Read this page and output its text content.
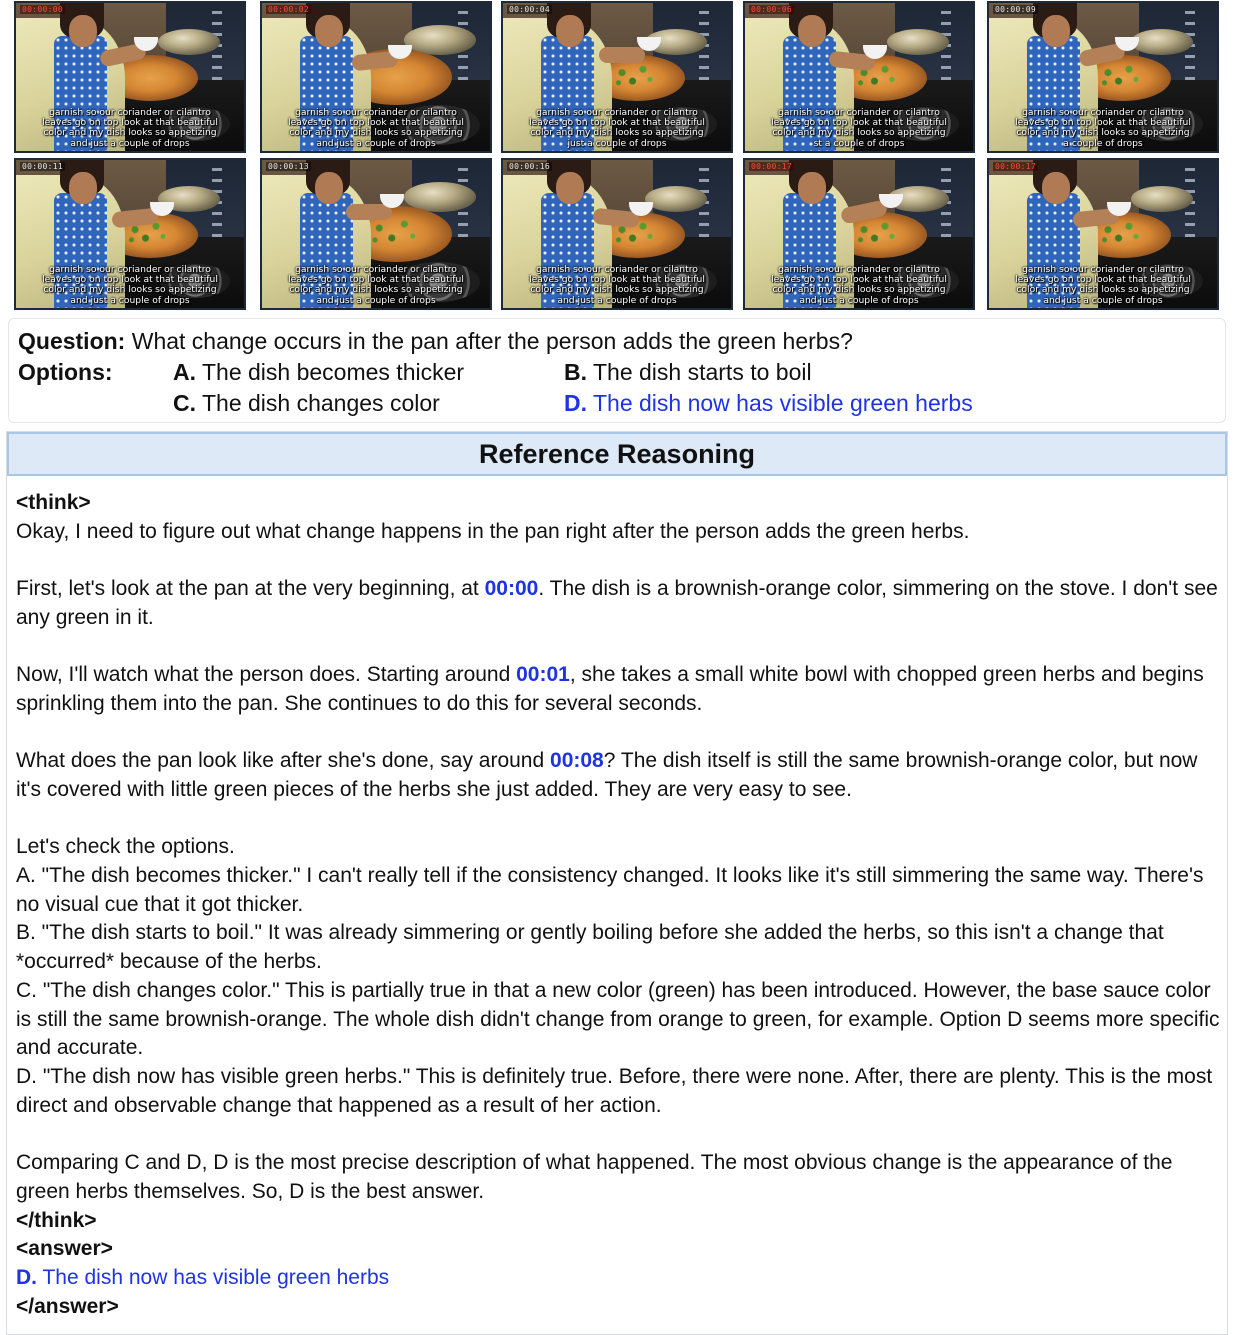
00:00:00
garnish so our coriander or cilantro
leaves go on top look at that beautiful
color and my dish looks so appetizing
and just a couple of drops
00:00:02
garnish so our coriander or cilantro
leaves go on top look at that beautiful
color and my dish looks so appetizing
and just a couple of drops
00:00:04
garnish so our coriander or cilantro
leaves go on top look at that beautiful
color and my dish looks so appetizing
just a couple of drops
00:00:06
garnish so our coriander or cilantro
leaves go on top look at that beautiful
color and my dish looks so appetizing
st a couple of drops
00:00:09
garnish so our coriander or cilantro
leaves go on top look at that beautiful
color and my dish looks so appetizing
a couple of drops
00:00:11
garnish so our coriander or cilantro
leaves go on top look at that beautiful
color and my dish looks so appetizing
and just a couple of drops
00:00:13
garnish so our coriander or cilantro
leaves go on top look at that beautiful
color and my dish looks so appetizing
and just a couple of drops
00:00:16
garnish so our coriander or cilantro
leaves go on top look at that beautiful
color and my dish looks so appetizing
and just a couple of drops
00:00:17
garnish so our coriander or cilantro
leaves go on top look at that beautiful
color and my dish looks so appetizing
and just a couple of drops
00:00:17
garnish so our coriander or cilantro
leaves go on top look at that beautiful
color and my dish looks so appetizing
and just a couple of drops
Question: What change occurs in the pan after the person adds the green herbs?
Options:	A. The dish becomes thicker	B. The dish starts to boil
C. The dish changes color	D. The dish now has visible green herbs
Reference Reasoning

<think>

Okay, I need to figure out what change happens in the pan right after the person adds the green herbs.

First, let's look at the pan at the very beginning, at 00:00. The dish is a brownish-orange color, simmering on the stove. I don't see any green in it.

Now, I'll watch what the person does. Starting around 00:01, she takes a small white bowl with chopped green herbs and begins sprinkling them into the pan. She continues to do this for several seconds.

What does the pan look like after she's done, say around 00:08? The dish itself is still the same brownish-orange color, but now it's covered with little green pieces of the herbs she just added. They are very easy to see.

Let's check the options.

A. "The dish becomes thicker." I can't really tell if the consistency changed. It looks like it's still simmering the same way. There's no visual cue that it got thicker.

B. "The dish starts to boil." It was already simmering or gently boiling before she added the herbs, so this isn't a change that *occurred* because of the herbs.

C. "The dish changes color." This is partially true in that a new color (green) has been introduced. However, the base sauce color is still the same brownish-orange. The whole dish didn't change from orange to green, for example. Option D seems more specific and accurate.

D. "The dish now has visible green herbs." This is definitely true. Before, there were none. After, there are plenty. This is the most direct and observable change that happened as a result of her action.

Comparing C and D, D is the most precise description of what happened. The most obvious change is the appearance of the green herbs themselves. So, D is the best answer.

</think>

<answer>

D. The dish now has visible green herbs

</answer>
